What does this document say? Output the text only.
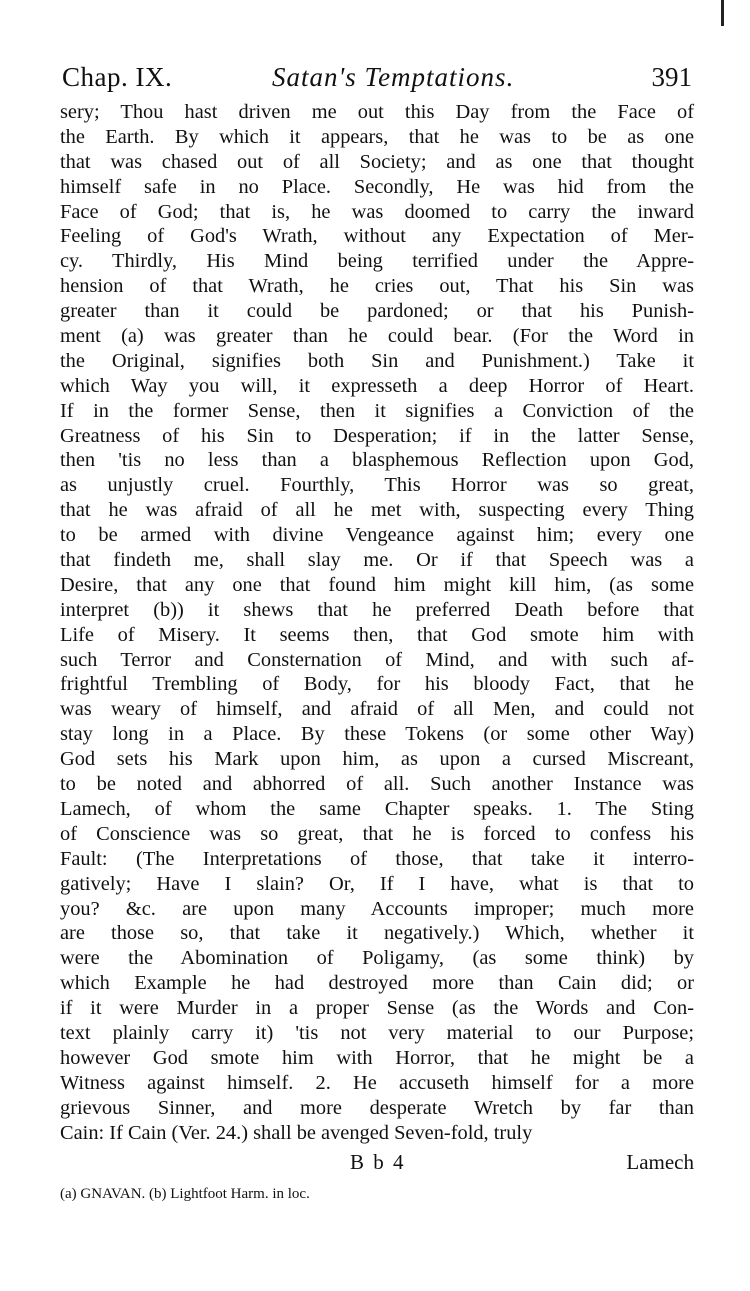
Chap. IX.	Satan's Temptations.	391
sery; Thou hast driven me out this Day from the Face of
the Earth. By which it appears, that he was to be as one
that was chased out of all Society; and as one that thought
himself safe in no Place. Secondly, He was hid from the
Face of God; that is, he was doomed to carry the inward
Feeling of God's Wrath, without any Expectation of Mer-
cy. Thirdly, His Mind being terrified under the Appre-
hension of that Wrath, he cries out, That his Sin was
greater than it could be pardoned; or that his Punish-
ment (a) was greater than he could bear. (For the Word in
the Original, signifies both Sin and Punishment.) Take it
which Way you will, it expresseth a deep Horror of Heart.
If in the former Sense, then it signifies a Conviction of the
Greatness of his Sin to Desperation; if in the latter Sense,
then 'tis no less than a blasphemous Reflection upon God,
as unjustly cruel. Fourthly, This Horror was so great,
that he was afraid of all he met with, suspecting every Thing
to be armed with divine Vengeance against him; every one
that findeth me, shall slay me. Or if that Speech was a
Desire, that any one that found him might kill him, (as some
interpret (b)) it shews that he preferred Death before that
Life of Misery. It seems then, that God smote him with
such Terror and Consternation of Mind, and with such af-
frightful Trembling of Body, for his bloody Fact, that he
was weary of himself, and afraid of all Men, and could not
stay long in a Place. By these Tokens (or some other Way)
God sets his Mark upon him, as upon a cursed Miscreant,
to be noted and abhorred of all. Such another Instance was
Lamech, of whom the same Chapter speaks. 1. The Sting
of Conscience was so great, that he is forced to confess his
Fault: (The Interpretations of those, that take it interro-
gatively; Have I slain? Or, If I have, what is that to
you? &c. are upon many Accounts improper; much more
are those so, that take it negatively.) Which, whether it
were the Abomination of Poligamy, (as some think) by
which Example he had destroyed more than Cain did; or
if it were Murder in a proper Sense (as the Words and Con-
text plainly carry it) 'tis not very material to our Purpose;
however God smote him with Horror, that he might be a
Witness against himself. 2. He accuseth himself for a more
grievous Sinner, and more desperate Wretch by far than
Cain: If Cain (Ver. 24.) shall be avenged Seven-fold, truly
B b 4	Lamech
(a) GNAVAN. (b) Lightfoot Harm. in loc.
